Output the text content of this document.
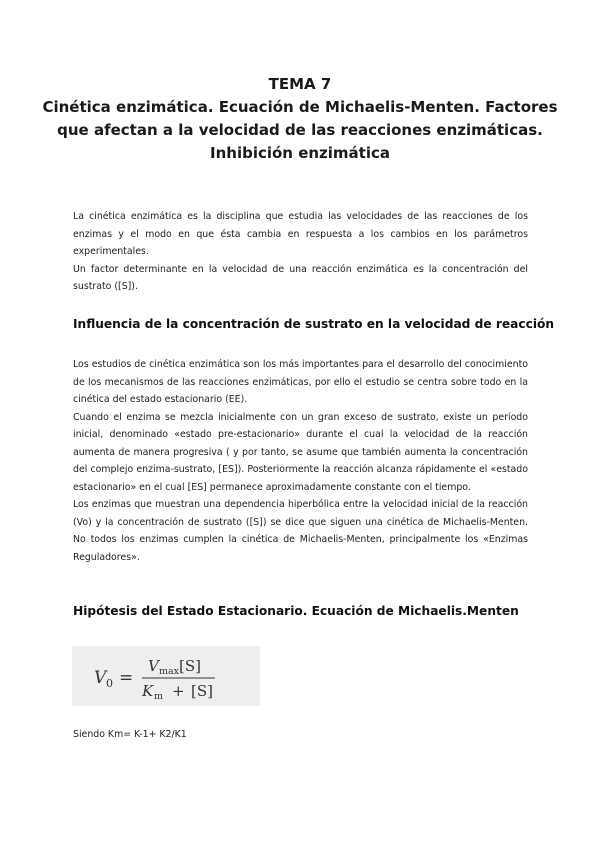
TEMA 7
Cinética enzimática. Ecuación de Michaelis-Menten. Factores
que afectan a la velocidad de las reacciones enzimáticas.
Inhibición enzimática

La cinética enzimática es la disciplina que estudia las velocidades de las reacciones de los enzimas y el modo en que ésta cambia en respuesta a los cambios en los parámetros experimentales.

Un factor determinante en la velocidad de una reacción enzimática es la concentración del sustrato ([S]).

Influencia de la concentración de sustrato en la velocidad de reacción

Los estudios de cinética enzimática son los más importantes para el desarrollo del conocimiento de los mecanismos de las reacciones enzimáticas, por ello el estudio se centra sobre todo en la cinética del estado estacionario (EE).

Cuando el enzima se mezcla inicialmente con un gran exceso de sustrato, existe un período inicial, denominado «estado pre-estacionario» durante el cual la velocidad de la reacción aumenta de manera progresiva ( y por tanto, se asume que también aumenta la concentración del complejo enzima-sustrato, [ES]). Posteriormente la reacción alcanza rápidamente el «estado estacionario» en el cual [ES] permanece aproximadamente constante con el tiempo.

Los enzimas que muestran una dependencia hiperbólica entre la velocidad inicial de la reacción (Vo) y la concentración de sustrato ([S]) se dice que siguen una cinética de Michaelis-Menten. No todos los enzimas cumplen la cinética de Michaelis-Menten, principalmente los «Enzimas Reguladores».

Hipótesis del Estado Estacionario. Ecuación de Michaelis.Menten
V 0 =
V max [S]
K m + [S]
Siendo Km= K-1+ K2/K1
